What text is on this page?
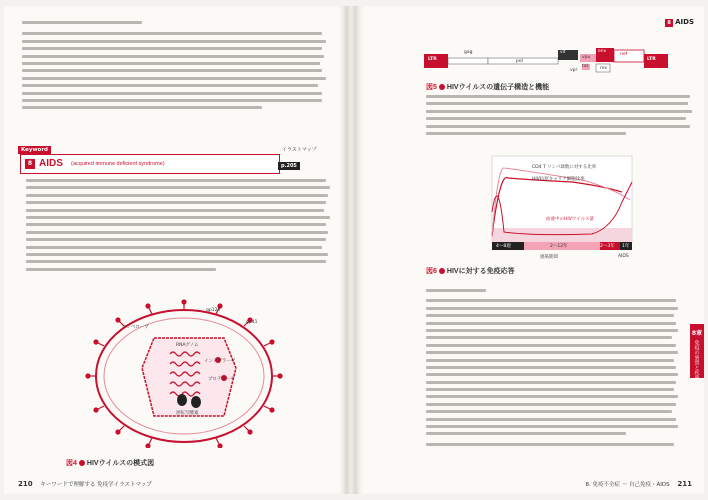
Keyword
8 AIDS (acquired immune deficient syndrome)
イラストマップ
p.205
gp120
gp41
エンベロープ
RNAゲノム
インテグラーゼ
プロテアーゼ
逆転写酵素
図4 HIVウイルスの模式図
210 キーワードで理解する 免疫学イラストマップ
8 AIDS
LTR
gag	vif
vpu
env
nef
LTR
pol
tat	rev
vpr
図5 HIVウイルスの遺伝子構造と機能
CD4 T リンパ球数に対する比率
HIV抗原キャリア細胞比率
血液中のHIVウイルス量
4〜8週	2〜12年	2〜3年 1年
感染期間	AIDS
図6 HIVに対する免疫応答
8章
免疫の異常と疾患
8. 免疫不全症 ～ 自己免疫・AIDS 211
